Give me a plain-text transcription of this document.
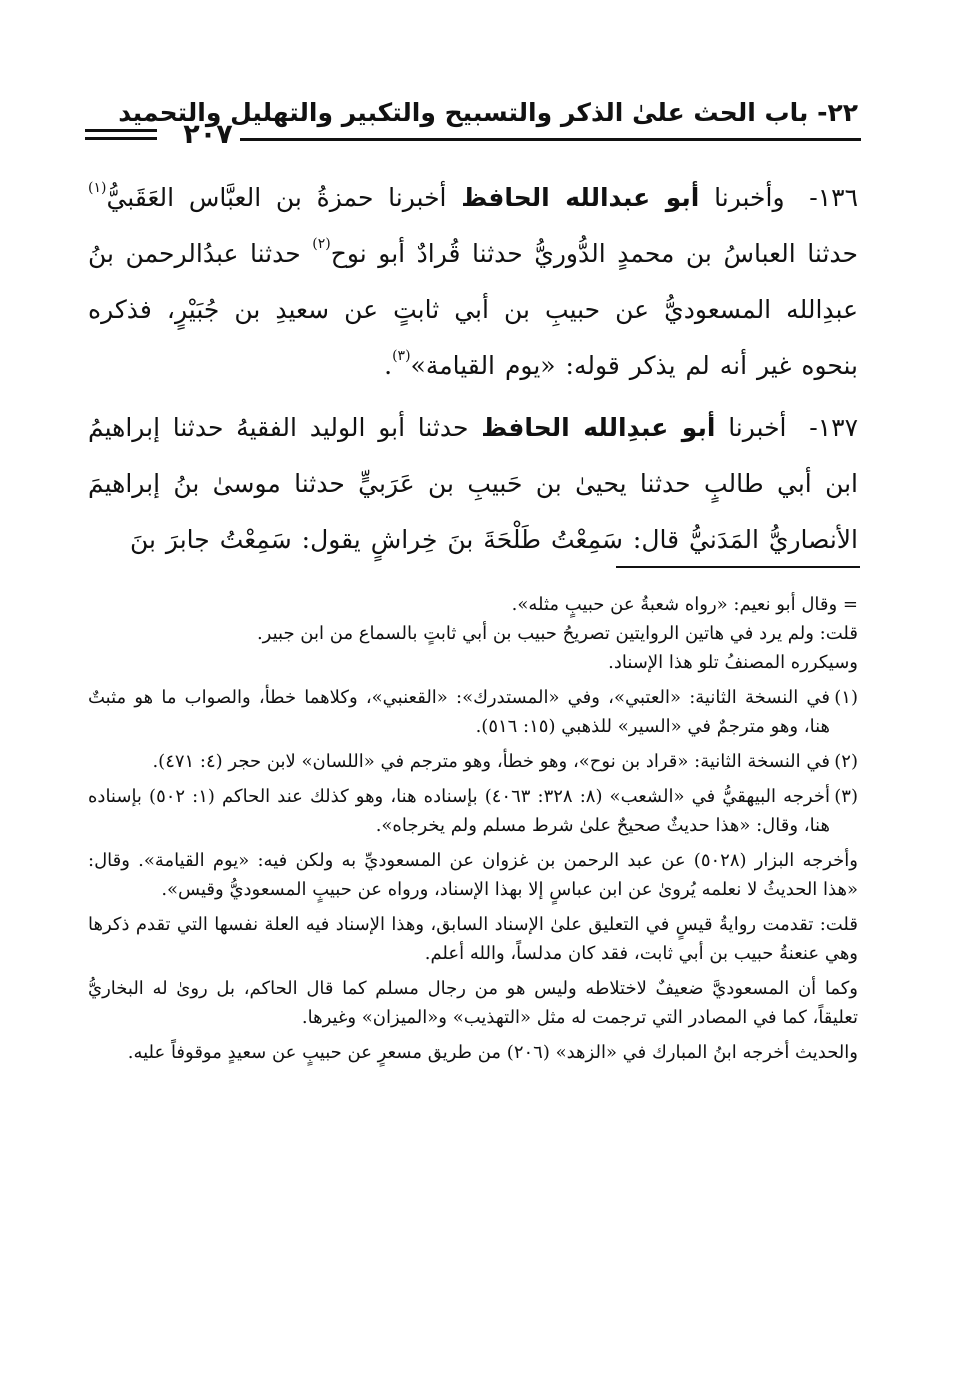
٢٢- باب الحث علىٰ الذكر والتسبيح والتكبير والتهليل والتحميد
٢٠٧

١٣٦- وأخبرنا أبو عبدالله الحافظ أخبرنا حمزةُ بن العبَّاس العَقَبيُّ$^{(١)}$ حدثنا العباسُ بن محمدٍ الدُّوريُّ حدثنا قُرادٌ أبو نوح$^{(٢)}$ حدثنا عبدُالرحمن بنُ عبدِالله المسعوديُّ عن حبيبِ بن أبي ثابتٍ عن سعيدِ بن جُبَيْرٍ، فذكره بنحوه غير أنه لم يذكر قوله: «يوم القيامة»$^{(٣)}$.

١٣٧- أخبرنا أبو عبدِالله الحافظ حدثنا أبو الوليد الفقيهُ حدثنا إبراهيمُ ابن أبي طالبٍ حدثنا يحيىٰ بن حَبيبِ بن عَرَبيٍّ حدثنا موسىٰ بنُ إبراهيمَ الأنصاريُّ المَدَنيُّ قال: سَمِعْتُ طَلْحَةَ بنَ خِراشٍ يقول: سَمِعْتُ جابرَ بنَ

= وقال أبو نعيم: «رواه شعبةُ عن حبيبٍ مثله».

قلت: ولم يرد في هاتين الروايتين تصريحُ حبيب بن أبي ثابتٍ بالسماع من ابن جبير.

وسيكرره المصنفُ تلو هذا الإسناد.

(١)

في النسخة الثانية: «العتبي»، وفي «المستدرك»: «القعنبي»، وكلاهما خطأ، والصواب ما هو مثبتٌ هنا، وهو مترجمٌ في «السير» للذهبي (١٥: ٥١٦).

(٢)

في النسخة الثانية: «قراد بن نوح»، وهو خطأ، وهو مترجم في «اللسان» لابن حجر (٤: ٤٧١).

(٣)

أخرجه البيهقيُّ في «الشعب» (٨: ٣٢٨: ٤٠٦٣) بإسناده هنا، وهو كذلك عند الحاكم (١: ٥٠٢) بإسناده هنا، وقال: «هذا حديثٌ صحيحٌ علىٰ شرط مسلم ولم يخرجاه».

وأخرجه البزار (٥٠٢٨) عن عبد الرحمن بن غزوان عن المسعوديِّ به ولكن فيه: «يوم القيامة». وقال: «هذا الحديثُ لا نعلمه يُروىٰ عن ابن عباسٍ إلا بهذا الإسناد، ورواه عن حبيبٍ المسعوديُّ وقيس».

قلت: تقدمت روايةُ قيسٍ في التعليق علىٰ الإسناد السابق، وهذا الإسناد فيه العلة نفسها التي تقدم ذكرها وهي عنعنةُ حبيب بن أبي ثابت، فقد كان مدلساً، والله أعلم.

وكما أن المسعوديَّ ضعيفٌ لاختلاطه وليس هو من رجال مسلم كما قال الحاكم، بل روىٰ له البخاريُّ تعليقاً، كما في المصادر التي ترجمت له مثل «التهذيب» و«الميزان» وغيرها.

والحديث أخرجه ابنُ المبارك في «الزهد» (٢٠٦) من طريق مسعرٍ عن حبيبٍ عن سعيدٍ موقوفاً عليه.
